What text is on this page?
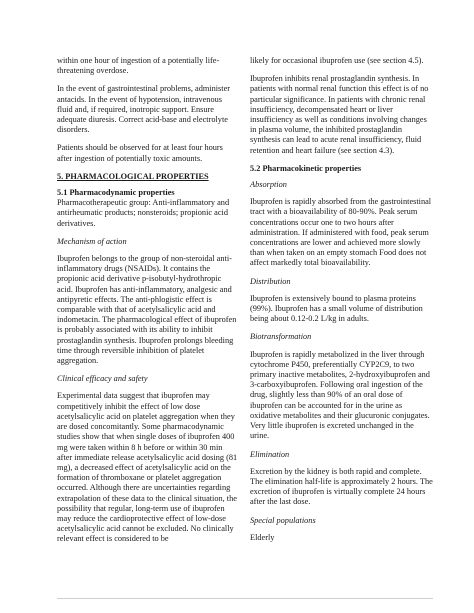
within one hour of ingestion of a potentially life-threatening overdose.

In the event of gastrointestinal problems, administer antacids. In the event of hypotension, intravenous fluid and, if required, inotropic support. Ensure adequate diuresis. Correct acid-base and electrolyte disorders.

Patients should be observed for at least four hours after ingestion of potentially toxic amounts.

5. PHARMACOLOGICAL PROPERTIES
5.1 Pharmacodynamic properties

Pharmacotherapeutic group: Anti-inflammatory and antirheumatic products; nonsteroids; propionic acid derivatives.

Mechanism of action

Ibuprofen belongs to the group of non-steroidal anti-inflammatory drugs (NSAIDs). It contains the propionic acid derivative p-isobutyl-hydrothropic acid. Ibuprofen has anti-inflammatory, analgesic and antipyretic effects. The anti-phlogistic effect is comparable with that of acetylsalicylic acid and indometacin. The pharmacological effect of ibuprofen is probably associated with its ability to inhibit prostaglandin synthesis. Ibuprofen prolongs bleeding time through reversible inhibition of platelet aggregation.

Clinical efficacy and safety

Experimental data suggest that ibuprofen may competitively inhibit the effect of low dose acetylsalicylic acid on platelet aggregation when they are dosed concomitantly. Some pharmacodynamic studies show that when single doses of ibuprofen 400 mg were taken within 8 h before or within 30 min after immediate release acetylsalicylic acid dosing (81 mg), a decreased effect of acetylsalicylic acid on the formation of thromboxane or platelet aggregation occurred. Although there are uncertainties regarding extrapolation of these data to the clinical situation, the possibility that regular, long-term use of ibuprofen may reduce the cardioprotective effect of low-dose acetylsalicylic acid cannot be excluded. No clinically relevant effect is considered to be

likely for occasional ibuprofen use (see section 4.5).

Ibuprofen inhibits renal prostaglandin synthesis. In patients with normal renal function this effect is of no particular significance. In patients with chronic renal insufficiency, decompensated heart or liver insufficiency as well as conditions involving changes in plasma volume, the inhibited prostaglandin synthesis can lead to acute renal insufficiency, fluid retention and heart failure (see section 4.3).

5.2 Pharmacokinetic properties
Absorption

Ibuprofen is rapidly absorbed from the gastrointestinal tract with a bioavailability of 80-90%. Peak serum concentrations occur one to two hours after administration. If administered with food, peak serum concentrations are lower and achieved more slowly than when taken on an empty stomach Food does not affect markedly total bioavailability.

Distribution

Ibuprofen is extensively bound to plasma proteins (99%). Ibuprofen has a small volume of distribution being about 0.12-0.2 L/kg in adults.

Biotransformation

Ibuprofen is rapidly metabolized in the liver through cytochrome P450, preferentially CYP2C9, to two primary inactive metabolites, 2-hydroxyibuprofen and 3-carboxyibuprofen. Following oral ingestion of the drug, slightly less than 90% of an oral dose of ibuprofen can be accounted for in the urine as oxidative metabolites and their glucuronic conjugates. Very little ibuprofen is excreted unchanged in the urine.

Elimination

Excretion by the kidney is both rapid and complete. The elimination half-life is approximately 2 hours. The excretion of ibuprofen is virtually complete 24 hours after the last dose.

Special populations

Elderly
